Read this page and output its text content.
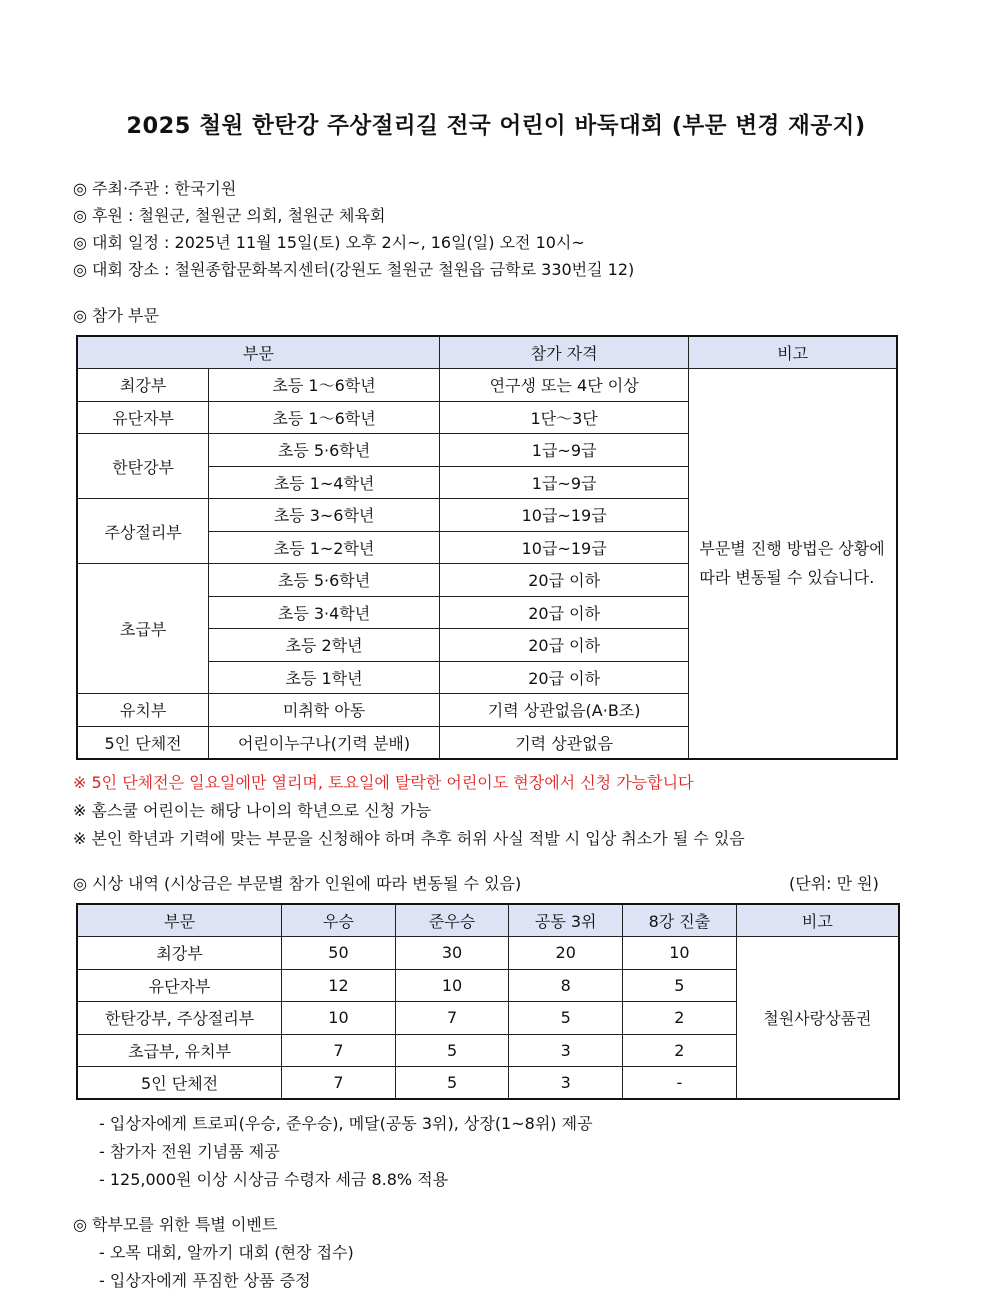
2025 철원 한탄강 주상절리길 전국 어린이 바둑대회 (부문 변경 재공지)
◎ 주최·주관 : 한국기원
◎ 후원 : 철원군, 철원군 의회, 철원군 체육회
◎ 대회 일정 : 2025년 11월 15일(토) 오후 2시~, 16일(일) 오전 10시~
◎ 대회 장소 : 철원종합문화복지센터(강원도 철원군 철원읍 금학로 330번길 12)
◎ 참가 부문
부문		참가 자격	비고
최강부	초등 1～6학년	연구생 또는 4단 이상	부문별 진행 방법은 상황에 따라 변동될 수 있습니다.
유단자부	초등 1～6학년	1단～3단	
한탄강부	초등 5·6학년	1급~9급	
	초등 1~4학년	1급~9급	
주상절리부	초등 3~6학년	10급~19급	
	초등 1~2학년	10급~19급	
초급부	초등 5·6학년	20급 이하	
	초등 3·4학년	20급 이하	
	초등 2학년	20급 이하	
	초등 1학년	20급 이하	
유치부	미취학 아동	기력 상관없음(A·B조)	
5인 단체전	어린이누구나(기력 분배)	기력 상관없음	
※ 5인 단체전은 일요일에만 열리며, 토요일에 탈락한 어린이도 현장에서 신청 가능합니다
※ 홈스쿨 어린이는 해당 나이의 학년으로 신청 가능
※ 본인 학년과 기력에 맞는 부문을 신청해야 하며 추후 허위 사실 적발 시 입상 취소가 될 수 있음
◎ 시상 내역 (시상금은 부문별 참가 인원에 따라 변동될 수 있음)	(단위: 만 원)
부문	우승	준우승	공동 3위	8강 진출	비고
최강부	50	30	20	10	철원사랑상품권
유단자부	12	10	8	5	
한탄강부, 주상절리부	10	7	5	2	
초급부, 유치부	7	5	3	2	
5인 단체전	7	5	3	-	
- 입상자에게 트로피(우승, 준우승), 메달(공동 3위), 상장(1~8위) 제공
- 참가자 전원 기념품 제공
- 125,000원 이상 시상금 수령자 세금 8.8% 적용
◎ 학부모를 위한 특별 이벤트
- 오목 대회, 알까기 대회 (현장 접수)
- 입상자에게 푸짐한 상품 증정
